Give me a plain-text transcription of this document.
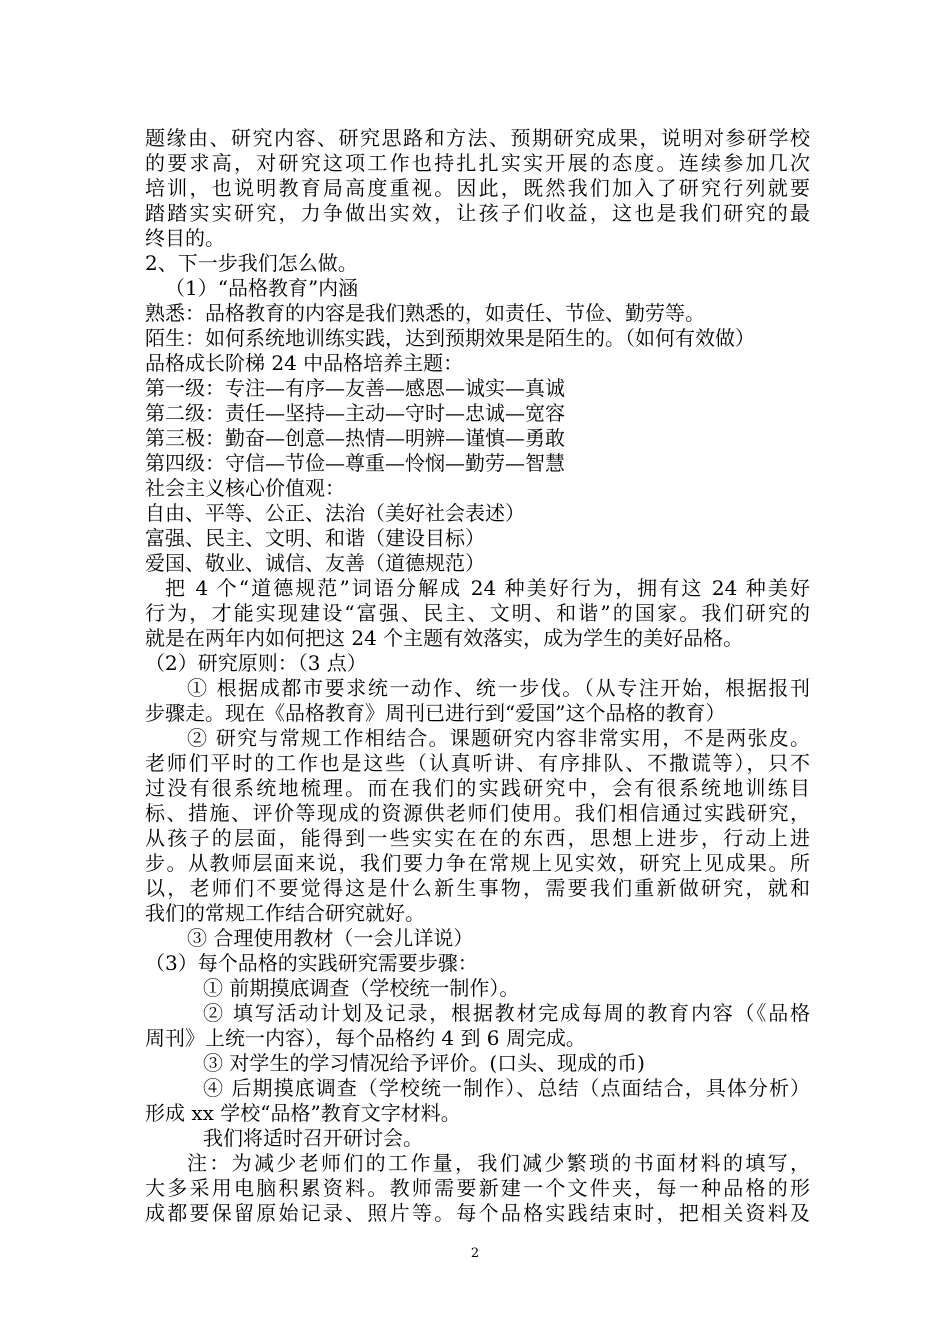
题缘由、研究内容、研究思路和方法、预期研究成果，说明对参研学校
的要求高，对研究这项工作也持扎扎实实开展的态度。连续参加几次
培训，也说明教育局高度重视。因此，既然我们加入了研究行列就要
踏踏实实研究，力争做出实效，让孩子们收益，这也是我们研究的最
终目的。
2、下一步我们怎么做。
（1）“品格教育”内涵
熟悉：品格教育的内容是我们熟悉的，如责任、节俭、勤劳等。
陌生：如何系统地训练实践，达到预期效果是陌生的。（如何有效做）
品格成长阶梯 24 中品格培养主题：
第一级：专注—有序—友善—感恩—诚实—真诚
第二级：责任—坚持—主动—守时—忠诚—宽容
第三极：勤奋—创意—热情—明辨—谨慎—勇敢
第四级：守信—节俭—尊重—怜悯—勤劳—智慧
社会主义核心价值观：
自由、平等、公正、法治（美好社会表述）
富强、民主、文明、和谐（建设目标）
爱国、敬业、诚信、友善（道德规范）
把 4 个“道德规范”词语分解成 24 种美好行为，拥有这 24 种美好
行为，才能实现建设“富强、民主、文明、和谐”的国家。我们研究的
就是在两年内如何把这 24 个主题有效落实，成为学生的美好品格。
（2）研究原则：（3 点）
① 根据成都市要求统一动作、统一步伐。（从专注开始，根据报刊
步骤走。现在《品格教育》周刊已进行到“爱国”这个品格的教育）
② 研究与常规工作相结合。课题研究内容非常实用，不是两张皮。
老师们平时的工作也是这些（认真听讲、有序排队、不撒谎等），只不
过没有很系统地梳理。而在我们的实践研究中，会有很系统地训练目
标、措施、评价等现成的资源供老师们使用。我们相信通过实践研究，
从孩子的层面，能得到一些实实在在的东西，思想上进步，行动上进
步。从教师层面来说，我们要力争在常规上见实效，研究上见成果。所
以，老师们不要觉得这是什么新生事物，需要我们重新做研究，就和
我们的常规工作结合研究就好。
③ 合理使用教材（一会儿详说）
（3）每个品格的实践研究需要步骤：
① 前期摸底调查（学校统一制作）。
② 填写活动计划及记录，根据教材完成每周的教育内容（《品格
周刊》上统一内容），每个品格约 4 到 6 周完成。
③ 对学生的学习情况给予评价。(口头、现成的币)
④ 后期摸底调查（学校统一制作）、总结（点面结合，具体分析）
形成 xx 学校“品格”教育文字材料。
我们将适时召开研讨会。
注：为减少老师们的工作量，我们减少繁琐的书面材料的填写，
大多采用电脑积累资料。教师需要新建一个文件夹，每一种品格的形
成都要保留原始记录、照片等。每个品格实践结束时，把相关资料及
2
